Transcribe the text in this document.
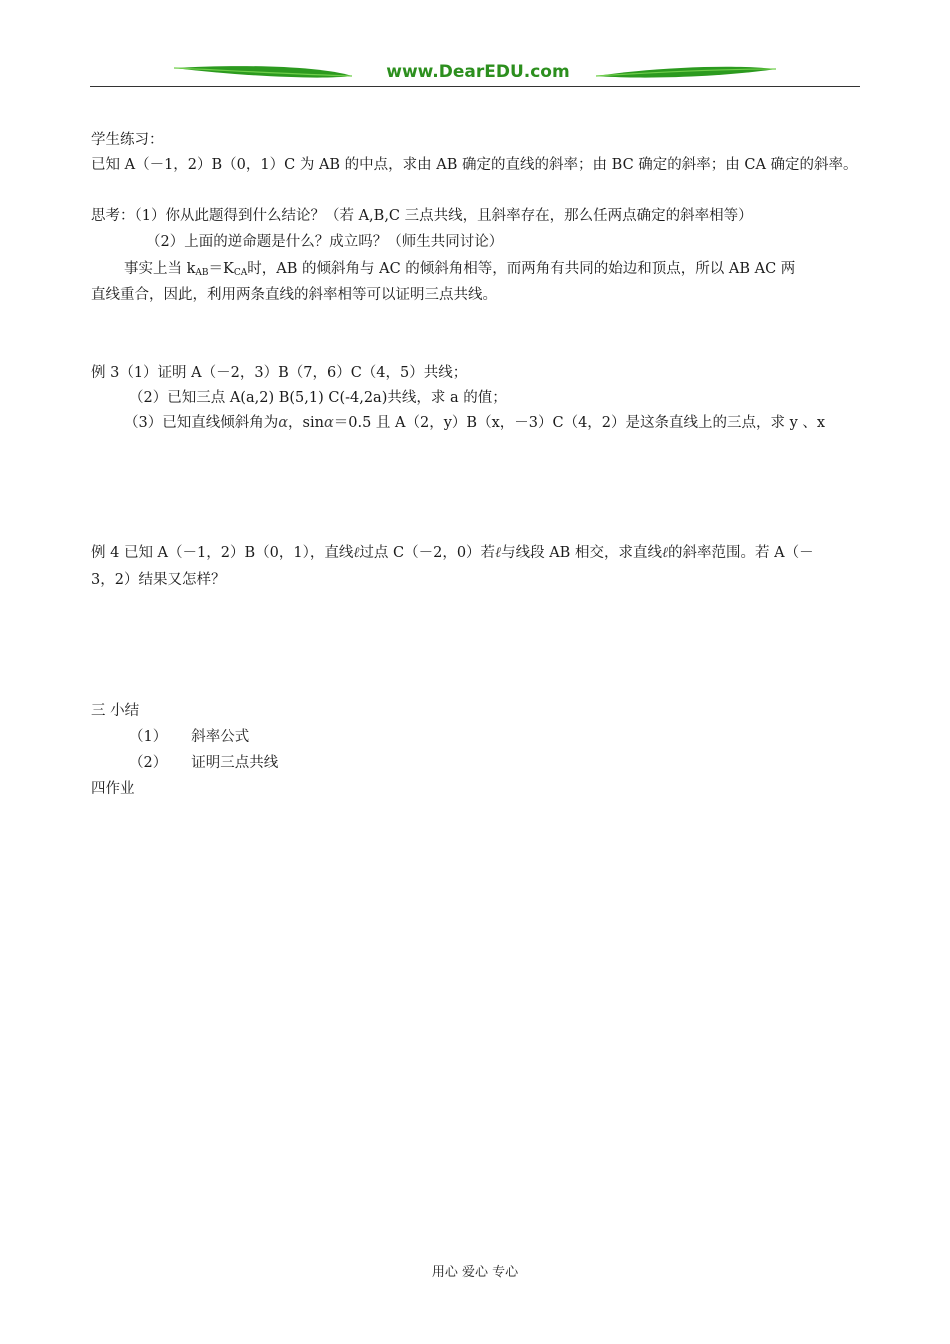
www.DearEDU.com
学生练习：
已知 A（－1，2）B（0，1）C 为 AB 的中点，求由 AB 确定的直线的斜率；由 BC 确定的斜率；由 CA 确定的斜率。
思考：（1）你从此题得到什么结论？（若 A,B,C 三点共线，且斜率存在，那么任两点确定的斜率相等）
（2）上面的逆命题是什么？成立吗？（师生共同讨论）
事实上当 $k_{AB}=K_{CA}$时，AB 的倾斜角与 AC 的倾斜角相等，而两角有共同的始边和顶点，所以 AB AC 两
直线重合，因此，利用两条直线的斜率相等可以证明三点共线。
例 3（1）证明 A（－2，3）B（7，6）C（4，5）共线；
（2）已知三点 A(a,2) B(5,1) C(-4,2a)共线，求 a 的值；
（3）已知直线倾斜角为α，sinα＝0.5 且 A（2，y）B（x，－3）C（4，2）是这条直线上的三点，求 y 、x
例 4 已知 A（－1，2）B（0，1），直线ℓ过点 C（－2，0）若ℓ与线段 AB 相交，求直线ℓ的斜率范围。若 A（－
3，2）结果又怎样？
三 小结
（1） 斜率公式
（2） 证明三点共线
四作业
用心 爱心 专心
